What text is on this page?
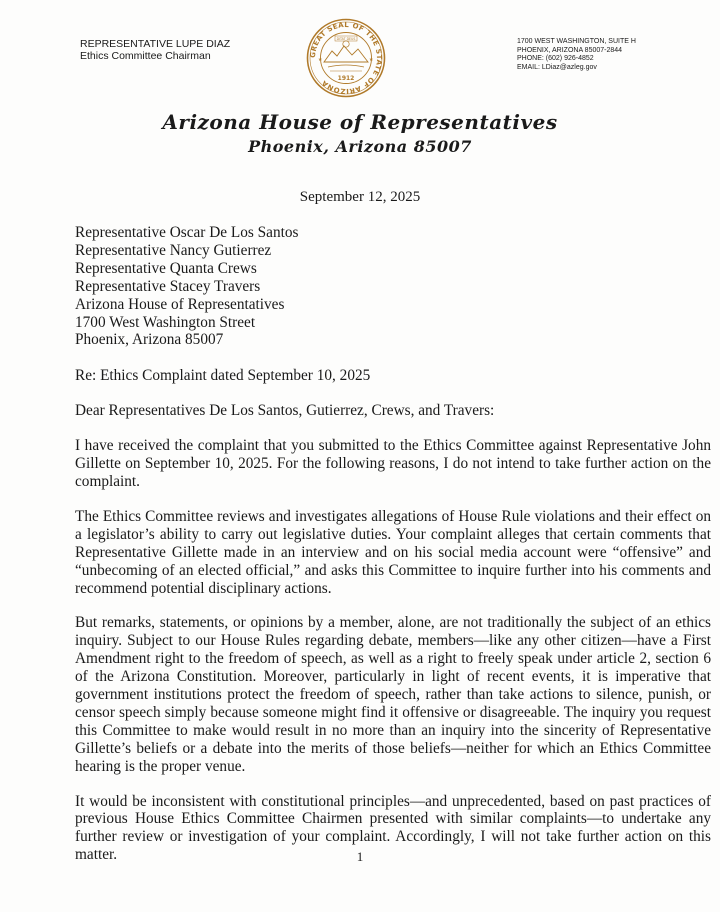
REPRESENTATIVE LUPE DIAZ
Ethics Committee Chairman	GREAT SEAL OF THE STATE OF ARIZONA
DITAT DEUS
1912
★	★
1700 WEST WASHINGTON, SUITE H
PHOENIX, ARIZONA 85007-2844
PHONE: (602) 926-4852
EMAIL: LDiaz@azleg.gov
Arizona House of Representatives
Phoenix, Arizona 85007
September 12, 2025
Representative Oscar De Los Santos
Representative Nancy Gutierrez
Representative Quanta Crews
Representative Stacey Travers
Arizona House of Representatives
1700 West Washington Street
Phoenix, Arizona 85007

Re: Ethics Complaint dated September 10, 2025

Dear Representatives De Los Santos, Gutierrez, Crews, and Travers:

I have received the complaint that you submitted to the Ethics Committee against Representative John Gillette on September 10, 2025. For the following reasons, I do not intend to take further action on the complaint.

The Ethics Committee reviews and investigates allegations of House Rule violations and their effect on a legislator’s ability to carry out legislative duties. Your complaint alleges that certain comments that Representative Gillette made in an interview and on his social media account were “offensive” and “unbecoming of an elected official,” and asks this Committee to inquire further into his comments and recommend potential disciplinary actions.

But remarks, statements, or opinions by a member, alone, are not traditionally the subject of an ethics inquiry. Subject to our House Rules regarding debate, members—like any other citizen—have a First Amendment right to the freedom of speech, as well as a right to freely speak under article 2, section 6 of the Arizona Constitution. Moreover, particularly in light of recent events, it is imperative that government institutions protect the freedom of speech, rather than take actions to silence, punish, or censor speech simply because someone might find it offensive or disagreeable. The inquiry you request this Committee to make would result in no more than an inquiry into the sincerity of Representative Gillette’s beliefs or a debate into the merits of those beliefs—neither for which an Ethics Committee hearing is the proper venue.

It would be inconsistent with constitutional principles—and unprecedented, based on past practices of previous House Ethics Committee Chairmen presented with similar complaints—to undertake any further review or investigation of your complaint. Accordingly, I will not take further action on this matter.	1
